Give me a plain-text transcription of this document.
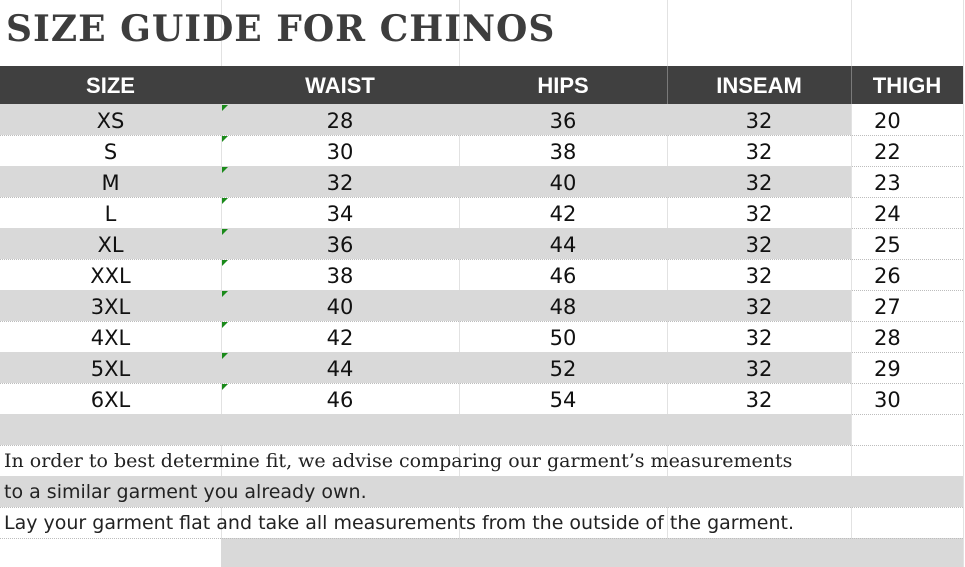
SIZE GUIDE FOR CHINOS
SIZE	WAIST	HIPS	INSEAM	THIGH
XS	28	36	32	20
S	30	38	32	22
M	32	40	32	23
L	34	42	32	24
XL	36	44	32	25
XXL	38	46	32	26
3XL	40	48	32	27
4XL	42	50	32	28
5XL	44	52	32	29
6XL	46	54	32	30
In order to best determine fit, we advise comparing our garment’s measurements
to a similar garment you already own.
Lay your garment flat and take all measurements from the outside of the garment.
